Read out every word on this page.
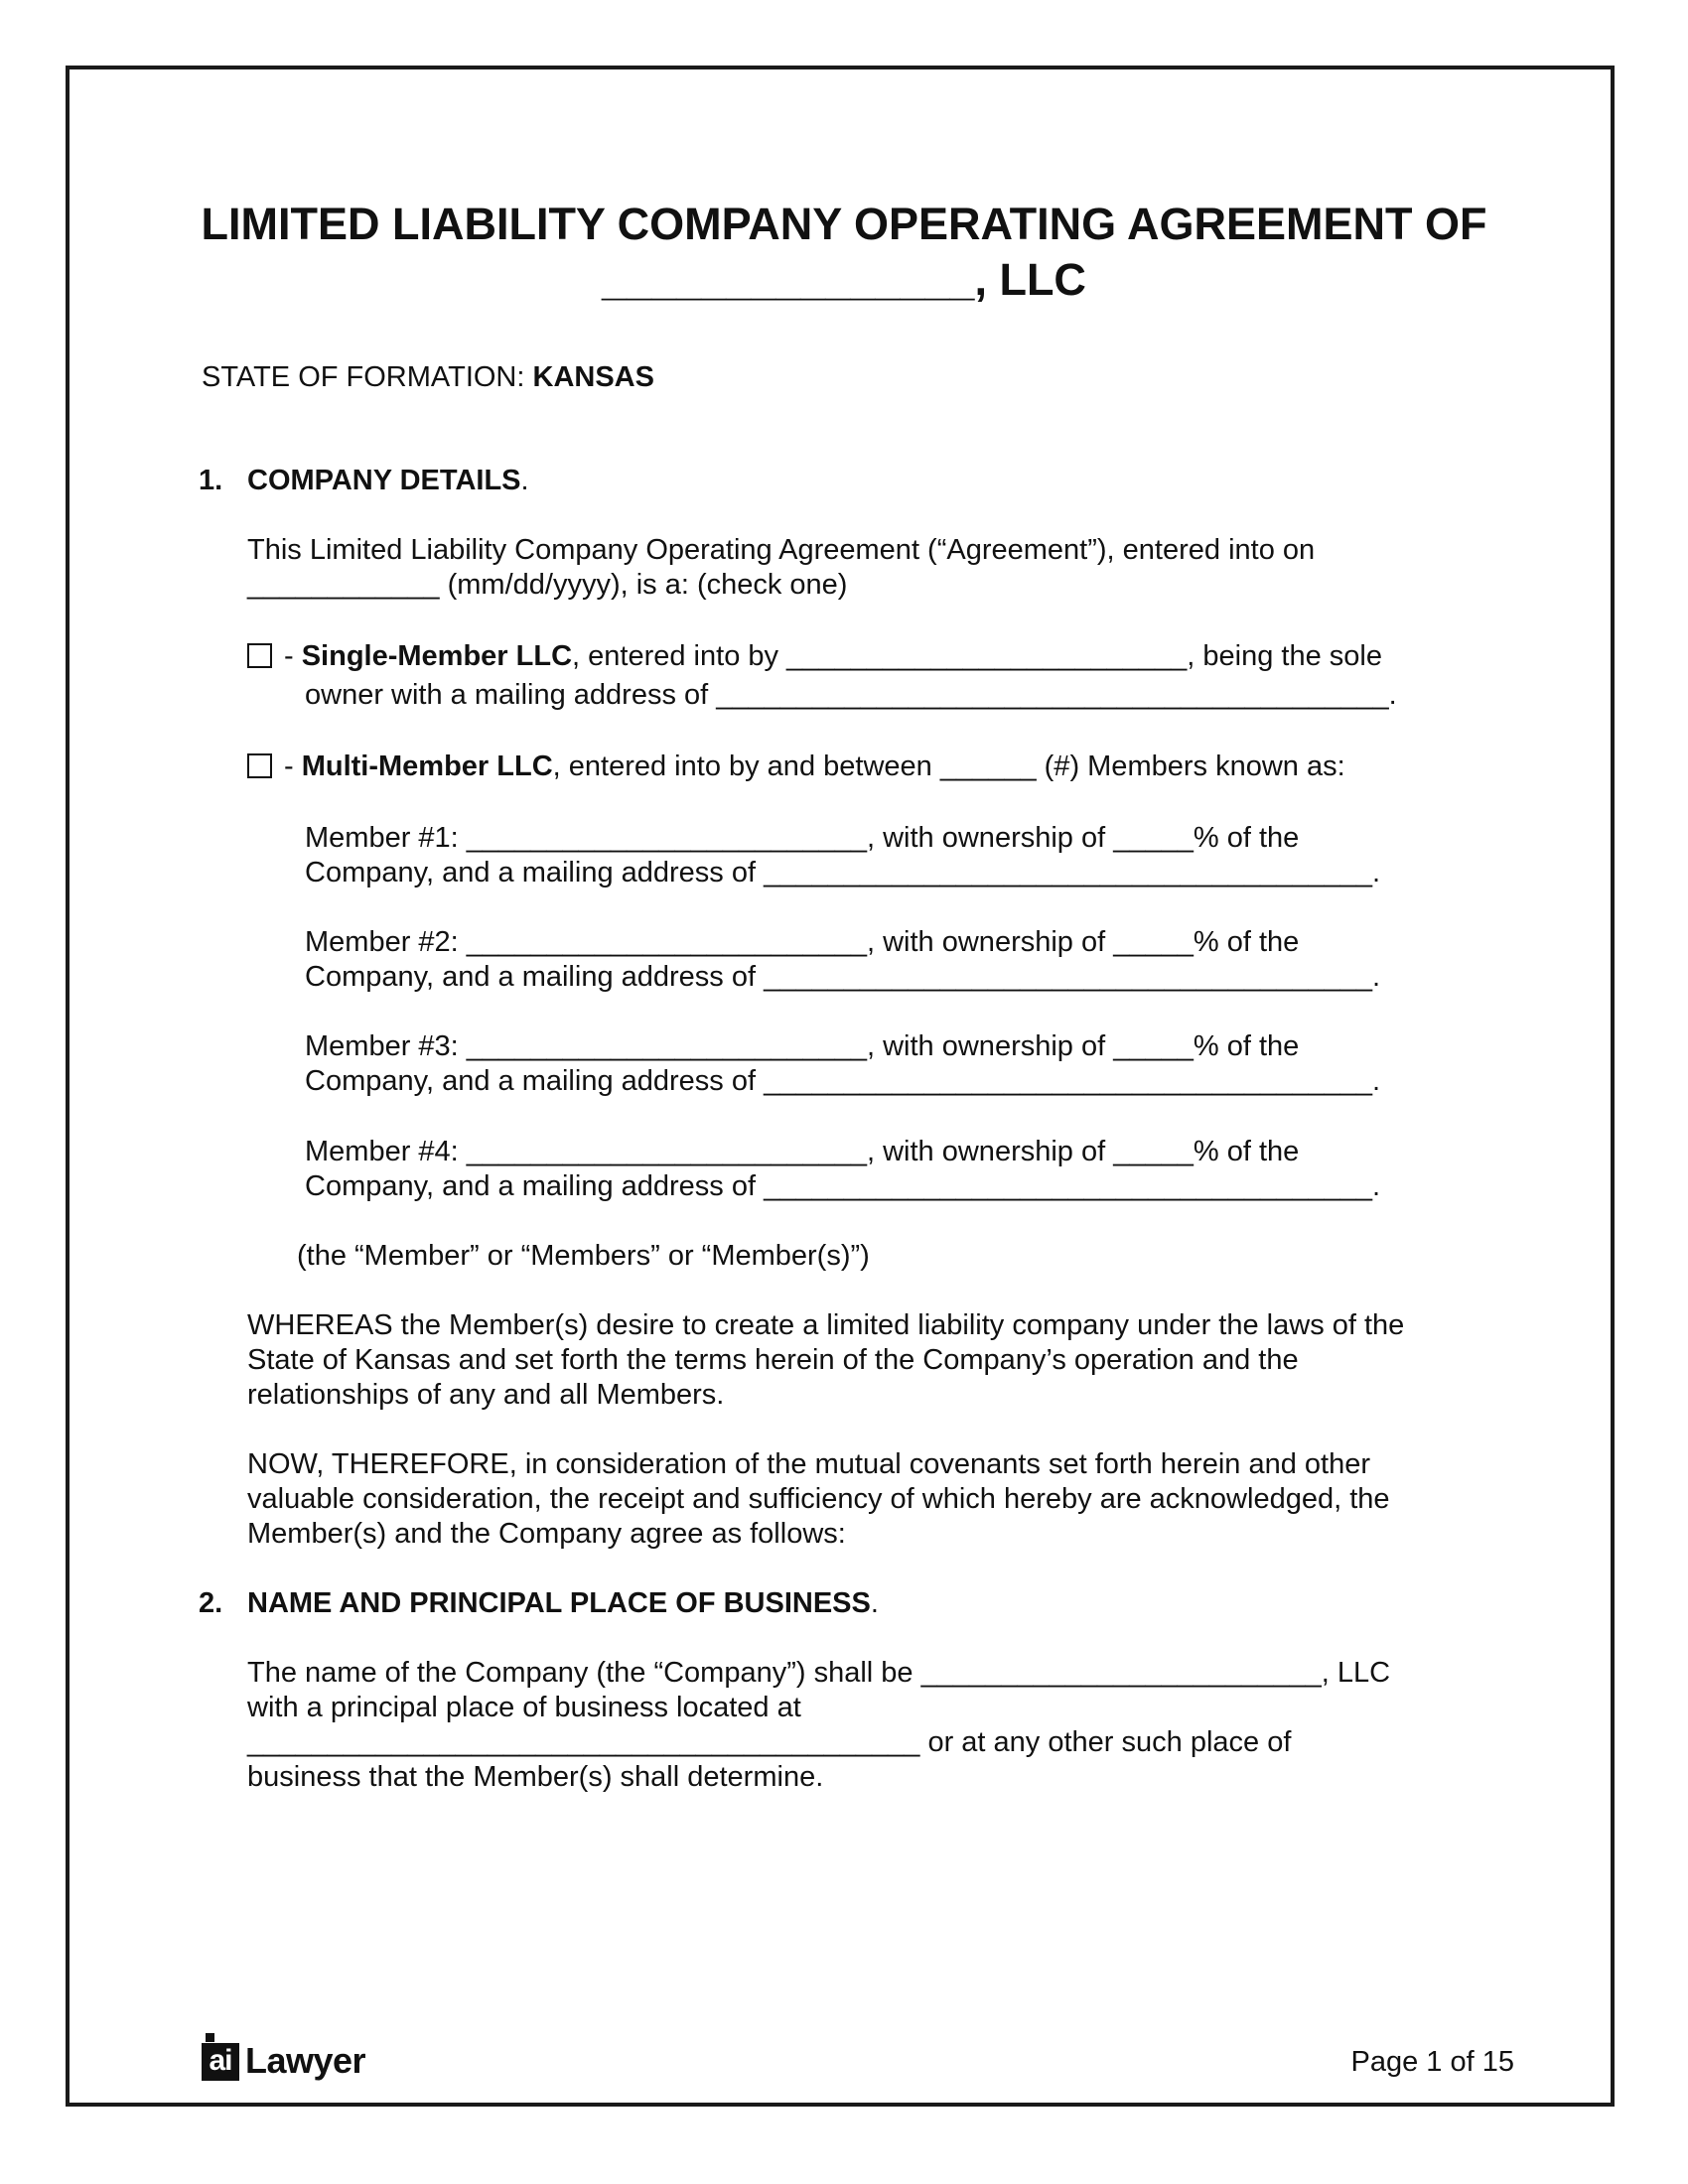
LIMITED LIABILITY COMPANY OPERATING AGREEMENT OF
_______________, LLC
STATE OF FORMATION: KANSAS
1. COMPANY DETAILS.
This Limited Liability Company Operating Agreement (“Agreement”), entered into on
____________ (mm/dd/yyyy), is a: (check one)
- Single-Member LLC, entered into by _________________________, being the sole
owner with a mailing address of __________________________________________.
- Multi-Member LLC, entered into by and between ______ (#) Members known as:
Member #1: _________________________, with ownership of _____% of the
Company, and a mailing address of ______________________________________.
Member #2: _________________________, with ownership of _____% of the
Company, and a mailing address of ______________________________________.
Member #3: _________________________, with ownership of _____% of the
Company, and a mailing address of ______________________________________.
Member #4: _________________________, with ownership of _____% of the
Company, and a mailing address of ______________________________________.
(the “Member” or “Members” or “Member(s)”)
WHEREAS the Member(s) desire to create a limited liability company under the laws of the
State of Kansas and set forth the terms herein of the Company’s operation and the
relationships of any and all Members.
NOW, THEREFORE, in consideration of the mutual covenants set forth herein and other
valuable consideration, the receipt and sufficiency of which hereby are acknowledged, the
Member(s) and the Company agree as follows:
2. NAME AND PRINCIPAL PLACE OF BUSINESS.
The name of the Company (the “Company”) shall be _________________________, LLC
with a principal place of business located at
__________________________________________ or at any other such place of
business that the Member(s) shall determine.
ai Lawyer	Page 1 of 15
